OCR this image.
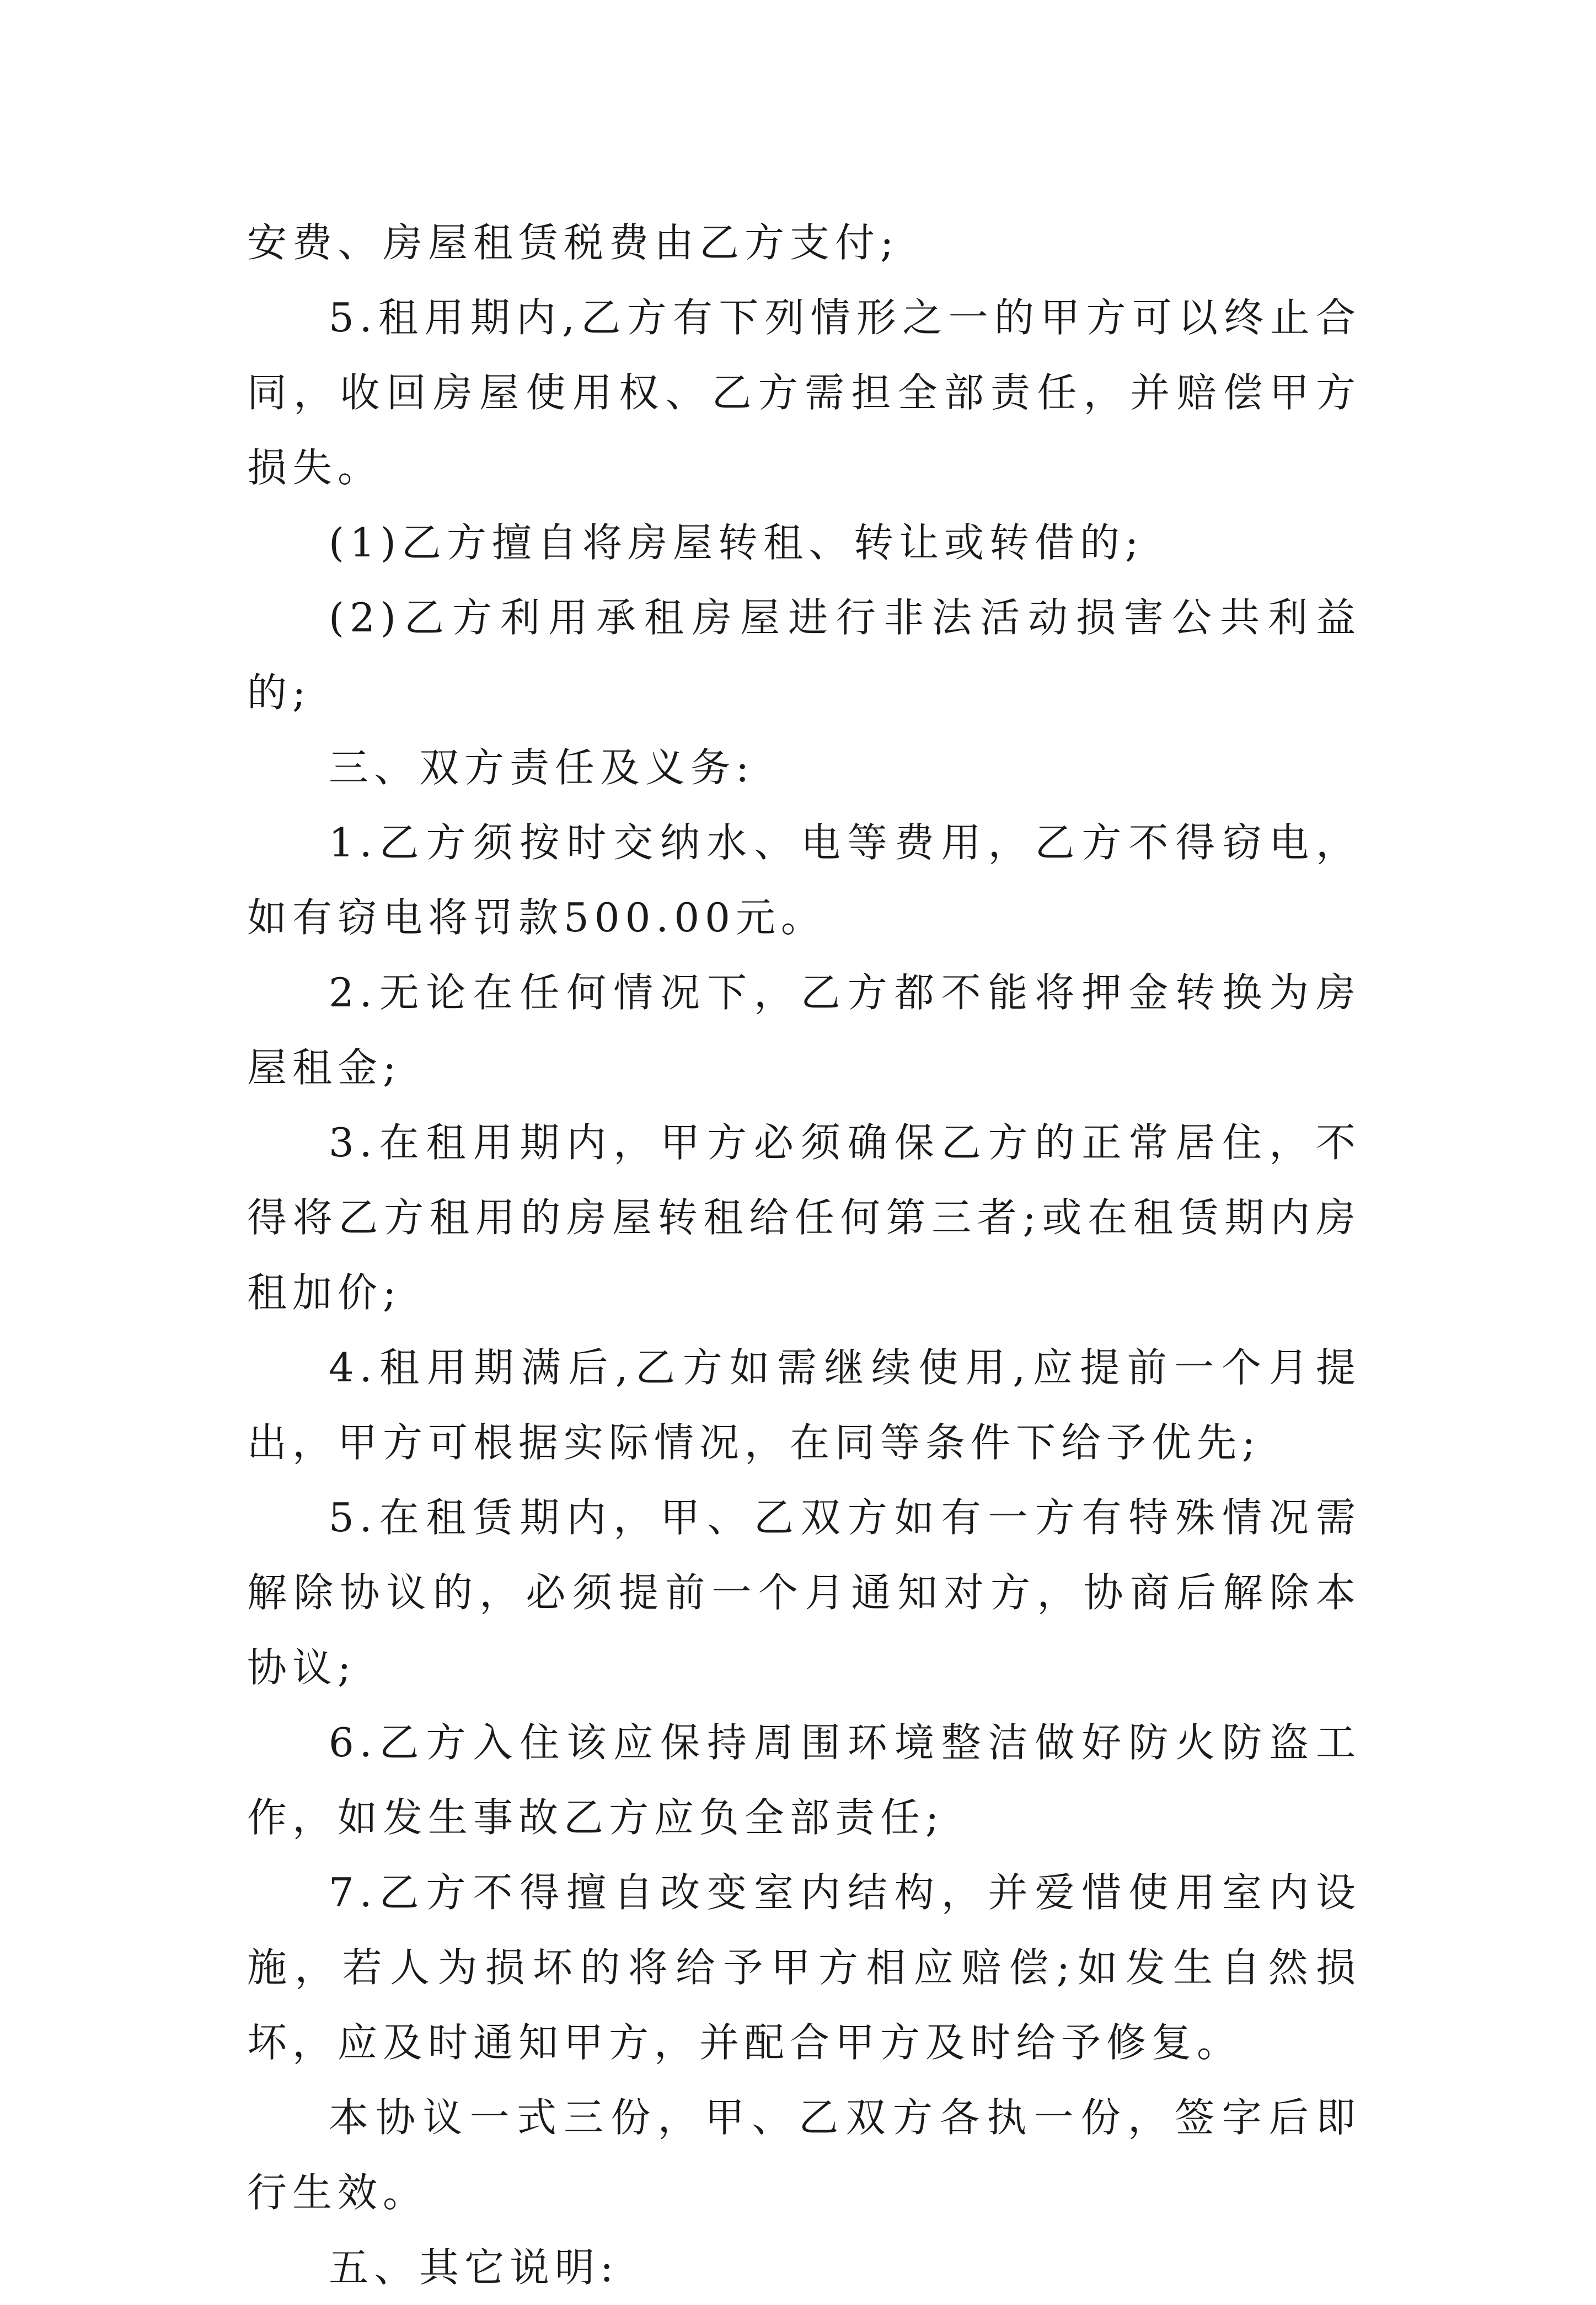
安费、房屋租赁税费由乙方支付;

5.租用期内,乙方有下列情形之一的甲方可以终止合同，收回房屋使用权、乙方需担全部责任，并赔偿甲方损失。

(1)乙方擅自将房屋转租、转让或转借的;

(2)乙方利用承租房屋进行非法活动损害公共利益的;

三、双方责任及义务:

1.乙方须按时交纳水、电等费用，乙方不得窃电，如有窃电将罚款500.00元。

2.无论在任何情况下，乙方都不能将押金转换为房屋租金;

3.在租用期内，甲方必须确保乙方的正常居住，不得将乙方租用的房屋转租给任何第三者;或在租赁期内房租加价;

4.租用期满后,乙方如需继续使用,应提前一个月提出，甲方可根据实际情况，在同等条件下给予优先;

5.在租赁期内，甲、乙双方如有一方有特殊情况需解除协议的，必须提前一个月通知对方，协商后解除本协议;

6.乙方入住该应保持周围环境整洁做好防火防盗工作，如发生事故乙方应负全部责任;

7.乙方不得擅自改变室内结构，并爱惜使用室内设施，若人为损坏的将给予甲方相应赔偿;如发生自然损坏，应及时通知甲方，并配合甲方及时给予修复。

本协议一式三份，甲、乙双方各执一份，签字后即行生效。

五、其它说明:
